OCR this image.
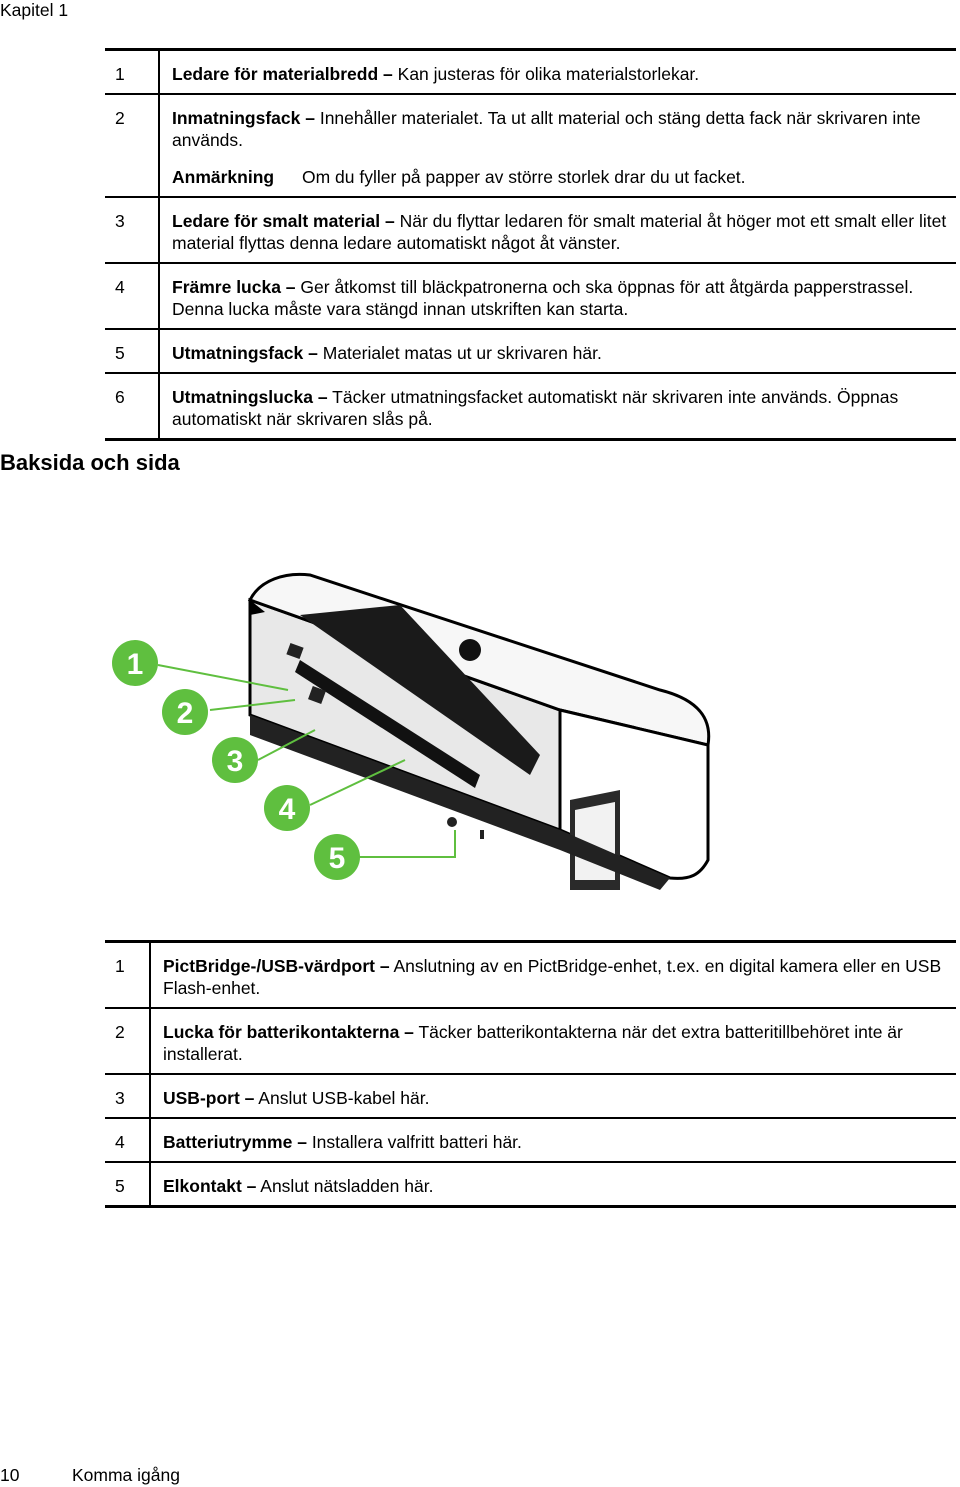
Kapitel 1
1	Ledare för materialbredd – Kan justeras för olika materialstorlekar.
2	Inmatningsfack – Innehåller materialet. Ta ut allt material och stäng detta fack när skrivaren inte används.
Anmärkning Om du fyller på papper av större storlek drar du ut facket.

3	Ledare för smalt material – När du flyttar ledaren för smalt material åt höger mot ett smalt eller litet material flyttas denna ledare automatiskt något åt vänster.
4	Främre lucka – Ger åtkomst till bläckpatronerna och ska öppnas för att åtgärda papperstrassel. Denna lucka måste vara stängd innan utskriften kan starta.
5	Utmatningsfack – Materialet matas ut ur skrivaren här.
6	Utmatningslucka – Täcker utmatningsfacket automatiskt när skrivaren inte används. Öppnas automatiskt när skrivaren slås på.
Baksida och sida
1
2
3
4
5
1	PictBridge-/USB-värdport – Anslutning av en PictBridge-enhet, t.ex. en digital kamera eller en USB Flash-enhet.
2	Lucka för batterikontakterna – Täcker batterikontakterna när det extra batteritillbehöret inte är installerat.
3	USB-port – Anslut USB-kabel här.
4	Batteriutrymme – Installera valfritt batteri här.
5	Elkontakt – Anslut nätsladden här.
10	Komma igång
